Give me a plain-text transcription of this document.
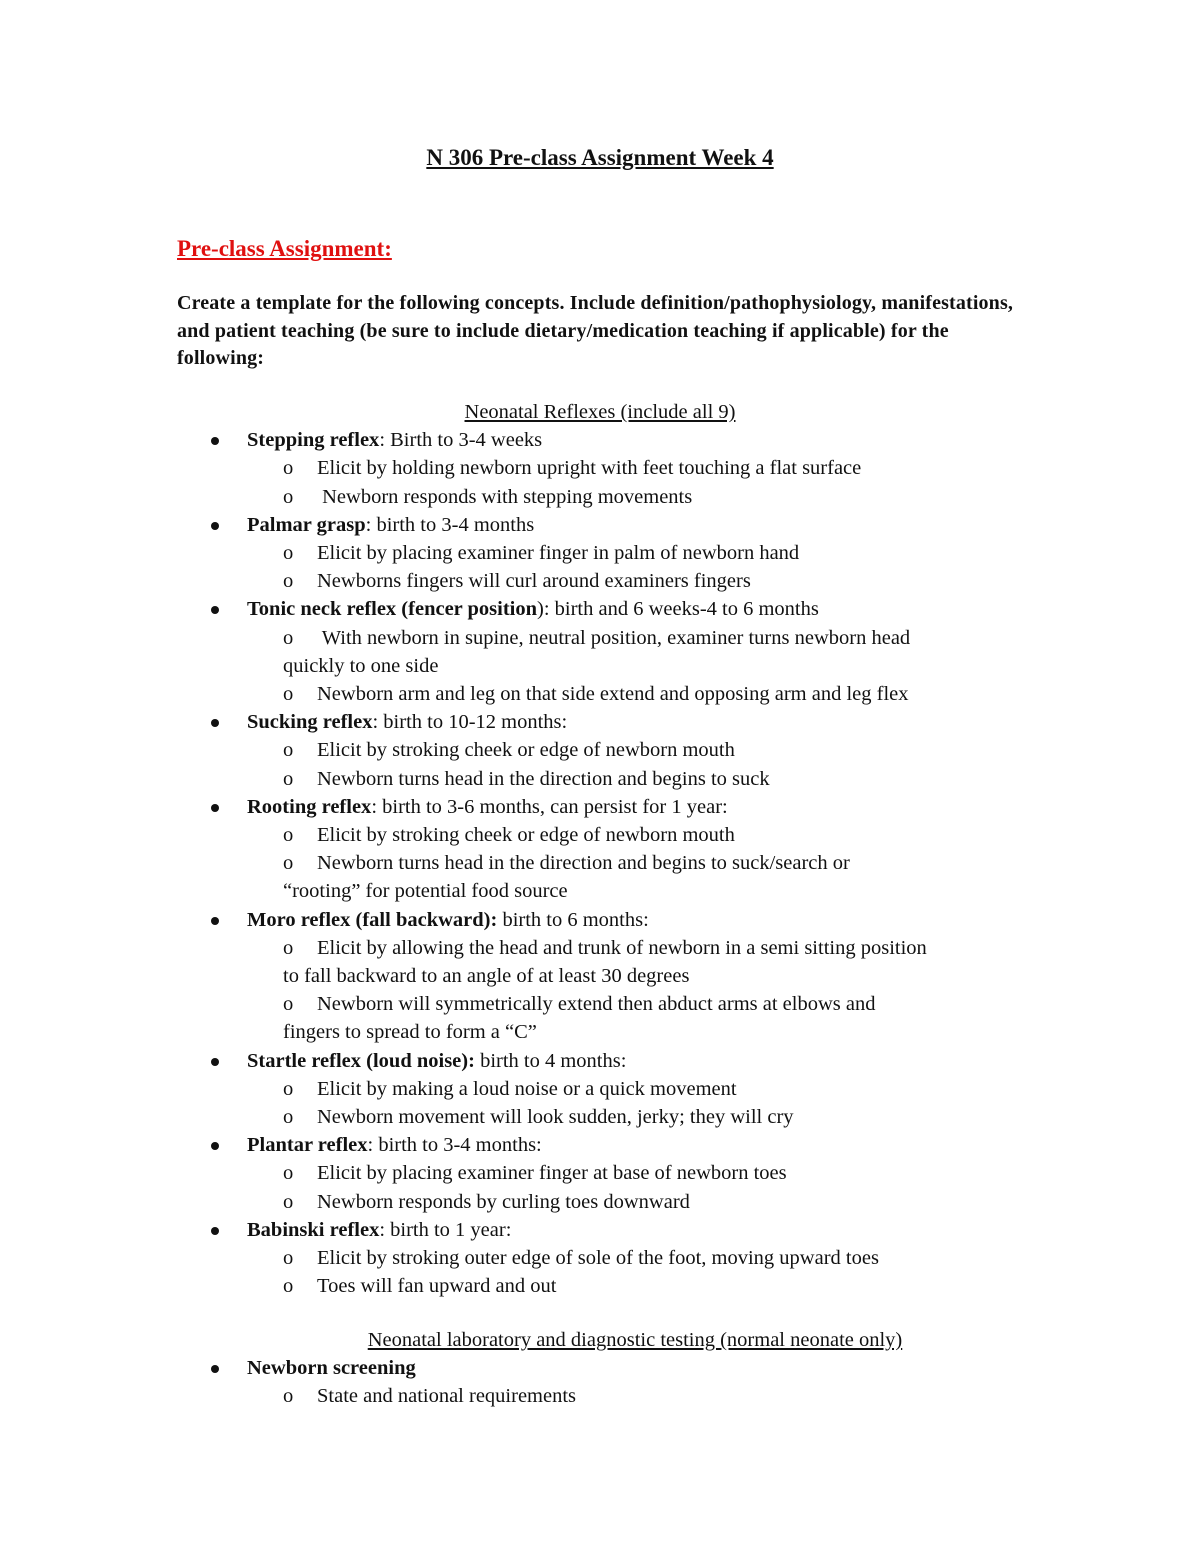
N 306 Pre-class Assignment Week 4
Pre-class Assignment:
Create a template for the following concepts. Include definition/pathophysiology, manifestations, and patient teaching (be sure to include dietary/medication teaching if applicable) for the following:
Neonatal Reflexes (include all 9)
Stepping reflex: Birth to 3-4 weeks
o Elicit by holding newborn upright with feet touching a flat surface
o Newborn responds with stepping movements
Palmar grasp: birth to 3-4 months
o Elicit by placing examiner finger in palm of newborn hand
o Newborns fingers will curl around examiners fingers
Tonic neck reflex (fencer position): birth and 6 weeks-4 to 6 months
o With newborn in supine, neutral position, examiner turns newborn head
quickly to one side
o Newborn arm and leg on that side extend and opposing arm and leg flex
Sucking reflex: birth to 10-12 months:
o Elicit by stroking cheek or edge of newborn mouth
o Newborn turns head in the direction and begins to suck
Rooting reflex: birth to 3-6 months, can persist for 1 year:
o Elicit by stroking cheek or edge of newborn mouth
o Newborn turns head in the direction and begins to suck/search or
“rooting” for potential food source
Moro reflex (fall backward): birth to 6 months:
o Elicit by allowing the head and trunk of newborn in a semi sitting position
to fall backward to an angle of at least 30 degrees
o Newborn will symmetrically extend then abduct arms at elbows and
fingers to spread to form a “C”
Startle reflex (loud noise): birth to 4 months:
o Elicit by making a loud noise or a quick movement
o Newborn movement will look sudden, jerky; they will cry
Plantar reflex: birth to 3-4 months:
o Elicit by placing examiner finger at base of newborn toes
o Newborn responds by curling toes downward
Babinski reflex: birth to 1 year:
o Elicit by stroking outer edge of sole of the foot, moving upward toes
o Toes will fan upward and out
Neonatal laboratory and diagnostic testing (normal neonate only)
Newborn screening
o State and national requirements
